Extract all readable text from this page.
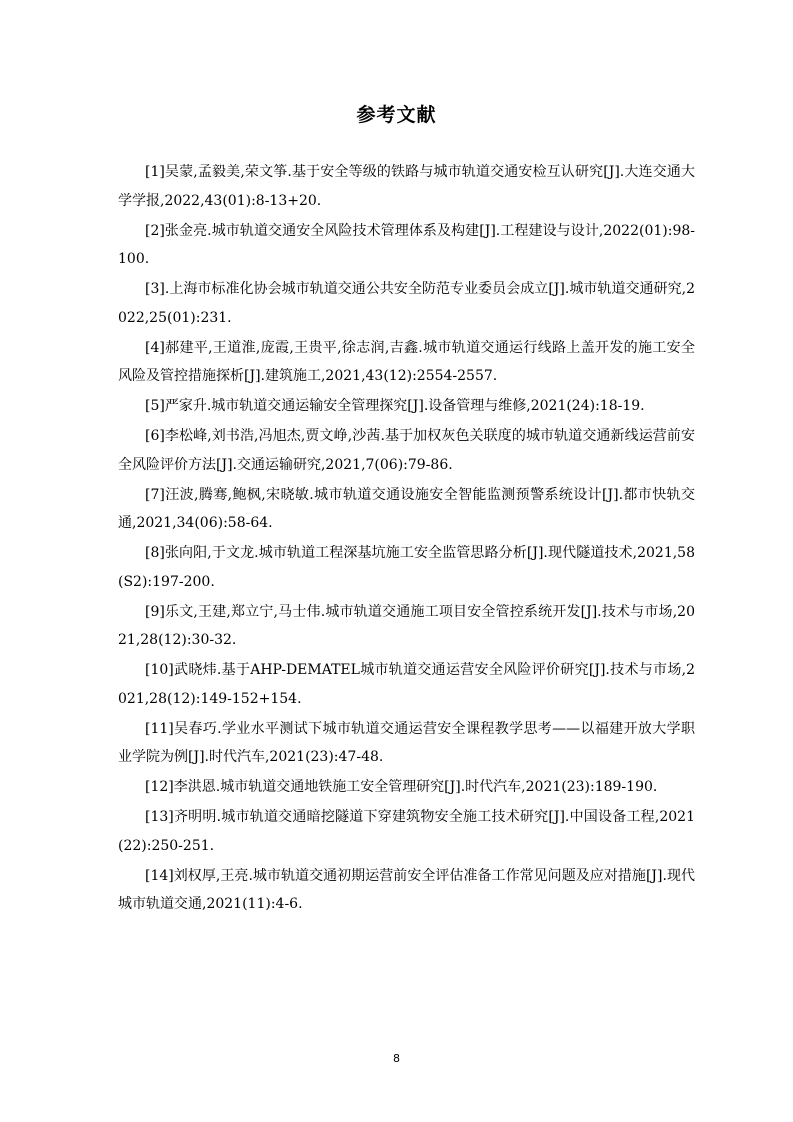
参考文献
[1]吴蒙,孟毅美,荣文筝.基于安全等级的铁路与城市轨道交通安检互认研究[J].大连交通大学学报,2022,43(01):8-13+20.
[2]张金亮.城市轨道交通安全风险技术管理体系及构建[J].工程建设与设计,2022(01):98-100.
[3].上海市标准化协会城市轨道交通公共安全防范专业委员会成立[J].城市轨道交通研究,2022,25(01):231.
[4]郝建平,王道淮,庞霞,王贵平,徐志润,吉鑫.城市轨道交通运行线路上盖开发的施工安全风险及管控措施探析[J].建筑施工,2021,43(12):2554-2557.
[5]严家升.城市轨道交通运输安全管理探究[J].设备管理与维修,2021(24):18-19.
[6]李松峰,刘书浩,冯旭杰,贾文峥,沙茜.基于加权灰色关联度的城市轨道交通新线运营前安全风险评价方法[J].交通运输研究,2021,7(06):79-86.
[7]汪波,腾骞,鲍枫,宋晓敏.城市轨道交通设施安全智能监测预警系统设计[J].都市快轨交通,2021,34(06):58-64.
[8]张向阳,于文龙.城市轨道工程深基坑施工安全监管思路分析[J].现代隧道技术,2021,58(S2):197-200.
[9]乐文,王建,郑立宁,马士伟.城市轨道交通施工项目安全管控系统开发[J].技术与市场,2021,28(12):30-32.
[10]武晓炜.基于AHP-DEMATEL城市轨道交通运营安全风险评价研究[J].技术与市场,2021,28(12):149-152+154.
[11]吴春巧.学业水平测试下城市轨道交通运营安全课程教学思考——以福建开放大学职业学院为例[J].时代汽车,2021(23):47-48.
[12]李洪恩.城市轨道交通地铁施工安全管理研究[J].时代汽车,2021(23):189-190.
[13]齐明明.城市轨道交通暗挖隧道下穿建筑物安全施工技术研究[J].中国设备工程,2021(22):250-251.
[14]刘权厚,王亮.城市轨道交通初期运营前安全评估准备工作常见问题及应对措施[J].现代城市轨道交通,2021(11):4-6.
8
